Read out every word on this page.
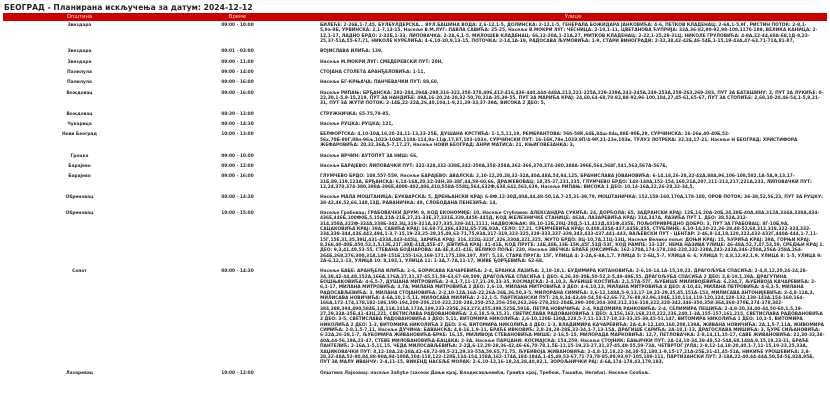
БЕОГРАД - Планирана искључења за датум: 2024-12-12
Општина	Време	Улице
Звездара	09:00 - 10:00	БИЛЕЋЕ: 2-26Б,1-7,45, БУЛБУЛДЕРСКА... ВУЛ.БАШИНА ВОДА: 2,6-12,1-5, ДОЛИНСКА: 2-12,1-5, ГЕНЕРАЛА БОЖИДАРА ЈАНКОВИЋА: 4-6, ПЕТКОВ КЛАДЕНАЦ: 2-6А,1-5,9Г, РИСТИН ПОТОК: 2-8,1-5,9а-9Б, УРВИНСКА: 2,1-7,13-15, Насеље В.М.ЛУГ: ПАВЛА САВИЋА: 25-25, Насеље В.МОКРИ ЛУГ: ЧЕСНИЦА: 2-10,1-11, ЦВЕТАНОВА ЋУПРИЈА: 32А,36-82,90-92,98-108,117б-189, ВЕЛИКА КАНИЦА: 2-12,1-17, ЛАДНО БРДО: 2-32Б,1-33, ЛИПОВАЧКА: 2-2А,6,1-5, МИЛОШЕВ КЛАДЕНАЦ: 66,12-20А,1-21А,27, МИТКОВ КЛАДЕНАЦ: 2-22,1-25,29-31Ц, НИКОЛЕ ГРУЛОВИЋА: 4-8А,22-44,60А-68,1Д-9,23-25,37-51А,55-67,71, НИКОЛЕ КУРЕЛИЋА: 4-6,10-20,9,13-15, ПОТОЧКА: 2-14,1А-19, РАДОСАВА ЉУМОВИЋА: 1-9, СТАРИ ВИНОГРАДИ: 2-32,38,42-42Б,46-54Б,1-15,19-43А,47-63,71-71А,81-87,
Звездара	00:01 - 03:00	ВОЈИСЛАВА ИЛИЋА: 139,
Звездара	09:00 - 11:00	Насеље М.МОКРИ ЛУГ: СМЕДЕРЕВСКИ ПУТ: 20Н,
Палилула	09:00 - 14:00	СТОЈАНА СТОЛЕТА АРАНЂЕЛОВИЋА: 1-11,
Палилула	09:00 - 16:00	Насеље БГ-КРЊАЧА: ПАНЧЕВАЧКИ ПУТ: 88,60,
Вождовац	09:00 - 16:00	Насеље РИПАЊ: БРЂАНСКА: 282-284,294А-298,316-322,358-378,406,412-416,436-440,444-448А,213,221-225А,229-239А,243-245А,249-253А,259-263,269-283, ПУТ ЗА БАТАШИНУ: 2, ПУТ ЗА ЛУКИЋЕ: 0-22,30,1-5,9-15,219, ПУТ ЗА НАНДИЋЕ: 49А,16-20,24-28,32-50,70,21А-35,39-55, ПУТ ЗА МАРИЋА КРАЈ: 24,60,64-68,78-82,88-92,96-100,104,27,45-61,65-67, ПУТ ЗА СТОПИЋЕ: 2,68,10-20,46-54,1-5,9,21-31, ПУТ ЗА ЖУТИ ПОТОК: 2-14Б,22-22А,26,40,104,1-9,21,29-33,37-39А, ВИСОКА 2 ДЕО: 5,
Вождовац	08:30 - 13:00	СТРУЖНИЧКА: 65-75,79-85,
Чукарица	08:00 - 14:30	Насеље РУЦКА: РУЦКА: 121,
Нови Београд	10:00 - 13:00	БЕЛФОРТСКА: 4,10-10А,16,20-24,11-13,23-25Б, ДУШАНА КРСТИЋА: 1-1,5,11,19, РЕМБРАНТОВА: 56б-58К,64Б,84ш-84ц,88Е-90Б,29, СУРЧИНСКА: 16-16и,40-40Б,52-56х,70Б-80Г,88н-96љ,102Э-104К,110А-114,9а-11ф,17,87,103-103л, СУРЧИНСКИ ПУТ: 16-16К,78е,103Э,9П/4-9Р,21-23е,103и, ТУЛУЗ ЛОТРЕКА: 32,34,17-21, Насеље Н БЕОГРАД: ХРИСТИФОРА ЖЕФАРОВИЋА: 20,32,36А,5-7,17,27, Насеље НОВИ БЕОГРАД: АНРИ МАТИСА: 21, КЊИГОВЕЗАНКА: 3,
Гроцка	09:00 - 10:00	Насеље ВРЧИН: АУТОПУТ ЗА НИШ: 66,
Барајево	09:00 - 12:00	Насеље БАРАЈЕВО: ЛИПОВАЧКИ ПУТ: 322-328,332-338Е,342-350А,358-358А,362-366,370,374-380,388А-396Е,564,568Г,541,563,567А-567Б,
Барајево	09:00 - 16:00	ГЛУМЧЕВО БРДО: 108,557-559, Насеље БАРАЈЕВО: АВАЛСКА: 2,10-12,20,28,32-32А,40А,48А,54,84,125, БРАНИСЛАВА ЈОВАНОВИЋА: 6-14,18,26-28,32-42А,88А,96,106-108,582,1А-5А,9,13,17-21Б,89,119,123А, БРЂАНСКА: 6,14-16А,20,32-34Н,38-38Г,44,58-60,66, ДРАЖЕВОВАЦ: 18,35-37,231,235, ГЛУМЧЕВО БРДО: 148-148А,152-154,160,21А,207,211-213,217,221А,233, ЛИПОВАЧКИ ПУТ: 12,24,370,374-380,388А-396Е,400б-402,406,410,558А-558Ц,564,632Ф,638,642,563,639, Насеље РИПАЊ: ВИСОКА 1 ДЕО: 10,14-16А,22,26-28,32-34,5,
Обреновац	08:00 - 14:30	Насеље МАЛА МОШТАНИЦА: БУКВАРСКА: 5, ДРЕНЬАНСКИ КРАЈ: 6-8Ф,12-30Д,40А,44,48-50,1А,7-25,31-39,79, МОШТАНИЧКА: 152,158-160,170А,178-180, ОРОВ ПОТОК: 36-38,52,56,23, ПУТ ЗА РУЦКУ: 38-42,46,52,66,148,13Д, РАВАНИЧКА: 49, СЛОБОДАНА ПЕНЕЗИЋА: 14,
Обреновац	10:00 - 15:00	Насеље Грабовац: ГРАБОВАЧКИ ДРУМ: 9, КОД ЕКОНОМИЈЕ: 10, Насеље Стублине: АЛЕКСАНДРА СУКИЋА: 24, ДОРЋОЛА: 65, ЗАДРАНСКИ КРАЈ: 12Б,16,20А-20Б,34,38Б-40А,48А,312А,334А,338А,434-436Е,446Б,100Ф0Б,5,15А,21А-21Б,27,31-33Е,37,331Б,339,445б-445Д, КОД ЖЕЛЕЗНИЧКЕ СТАНИЦЕ: 463А, ЛАЗАРЕВИЋА КРАЈ: 314,347А, ЛАЗИЋА ПУТ 1. ДЕО: 38,52А,312-314,358А,322Ф-324А,338Б-342,3Ц,319-321А,327,335,339-341,1111, НАДВОЖЊАК: 88,10-12Б,20Ц-20Д,5-11,413Д,431Ф,435Б, ПОЉОПРИВРЕДНО ДОБРО: 3, ПУТ ЗА ГРАБОВАЦ: 8Г-10Б,9А, САЦАКОВИЋА КРАЈ: 39А, САВИЋА КРАЈ: 16,68-72,286,432Ц,65-73Б,93А, СЕЛО: 17,21, СРЕМЧЕВИЋА КРАЈ: 0,408,435А-437,445Б,455, СТУБЛИНЕ: 6,10-14,20-22,26-28,48-52,68,312,318,322-324,332-334,338-344,436,442,494,1-3,7-15,19-23,25-29,35,49,63-71,75,93А,317-319,323-325,329-333,337-339,343,433-437,441-443, ВАЉЕВСКИ ПУТ - ЦЕНТАР: 2-46,8-14,18,120,322,432-432Г,440А-444,1-7,11-15Г,15Е,31,35,39Ц,431-433А,443-445Ц, ЗАРИЋА КРАЈ: 316,322Ц-322Г,326,330А,321,325, ЖУТО БРДО: 8Ц-10,7А,11Ц-13Ц, Насеље Велико поље: ДОЊИ КРАЈ: 15, ЋУРИЋА КРАЈ: 39А, ГОРЊИ КРАЈ: 8,266,40-40Б,450,52,1,5,13Е,21Г,39Д-41Д,45Е-47, ЈЕВТИЋА КРАЈ: 41-41Б, КОД ПРУГЕ: 14Б,48Б,13Б-15К,45Г,53Д-53Г, КОД РАМПЕ: 13-13Г, НЕМА НАЗИВА УЛИЦЕ: 46-48А,52,7,47,53,59, СРЕДЊИ КРАЈ 1. ДЕО: 9,3,41,49,53-55, СТЕВАНА БОДНАРОВА: 4А-4Е,8,41-41Е, ВЕЛИКО ПОЉЕ: 220, Насеље ЗВЕЧКА: БРАЋЕ ЈОКСИМЋА: 162-170А,174-178,184-228,232-238А,242-242А,246-250А,256А-258А,264-264Б,268,276,300,31А,149-151Б,155-163,169-171,175,189,197, ЛУГ: 5,13, СТАРА ПРУГА: 15Г, УЛИЦА 4: 2-2А,6-8А,1,7, УЛИЦА 5: 2-6Ц,5-7, УЛИЦА 6: 6, УЛИЦА 7: 4,8,12,92,1,9, УЛИЦА 8: 1-5, УЛИЦА 9: 2А-6,12,1-13, УЛИЦА 10: 8,192,1, УЛИЦА 11: 1-3А,7-7А,11-17, ЖИВЕ ЂОРЂЕВИЋА: 62-68,
Сопот	08:00 - 14:30	Насеље БАБЕ: АРАНЂЕЛА ИЛИЋА: 2-6, БОРИСАВА КАЧАРЕВИЋА: 2-4, БРАНКА ЛАЗИЋА: 2,10-18,1, БУДИМИРА КИТАНОВИЋА: 2-6,10-14,1А-15,19,23, ДРАГОЉУБА СПАСИЋА: 2-4,8,12,20,24-24,28-34,38,42-44,48,152А,166А,176А,27,31,37-45,51,59-63,67-69,509, ДРАГОЉУБА СПАСИЋА 1 ДЕО: 6,26,30-30Б,50-52,3-5,49-49Б,55, ДРАГОЉУБА СПАСИЋА 2 ДЕО: 2,8-10,1,29А, ДРАГУТИНА БОШЊАКОВИЋА: 4-6,5-7, ДУШАНА МИТРОВИЋА: 2-8,1-7,11-17,21-29,33-35, КОСМАЈСКА: 2-4,10,3, ЉУБИШЕ КОСТИЋА: 2,1,57А-57Г, ЉУБИШЕ МИЛИВОЈЕВИЋА: 6,234,7, ЉУБИВОЈА КАЧАРЕВИЋА: 2-6,1-17, МИЛАНА МИТРОВИЋА: 3,7А, МИЛАНА МИТРОВИЋА 2 ДЕО: 2,6-10, МИЛАНА МИТРОВИЋА 3 ДЕО: 4-6,10,13, МИЛАНА МИТРОВИЋА 4 ДЕО: 4-10,43, МИЛАНА ПЕТРОВИЋА: 4-6,3-5, МИЛАНА РАДОСАВЉЕВИЋА: 3, МИЛАНА СТОЈАНОВИЋА: 2-2,10-12А,16А-22,26А-26Б,36,50,3-5, МИЛОРАНА СИМИЋА: 2,6-12,148А,5-9,13,17-19,23-29,35,45,151А-153, МИЛИСАВА АНТОНИЈЕВИЋА: 2-4,8-12А,3, МИЛИСАВА НОВИЧИЋА: 4-6А,10,1-5,11, МИЛОСАВА МИЛИЋА: 2-12,1-5, ПАРТИЗАНСКИ ПУТ: 24,8,34-42,48-54,58-62,66-72,76-88,92,96,104Б,110,114,118-120,124,128-132,138-143А,154-160,164-166А,172-174,178,182-186,190-194,200-206,210-222,228-246,250-252,256-258,262,266-278,282-284Б,290-300,304-308,312,316-318,322,328-342,346-350,358-364,368-370Б,374-378,382-384,388,394,490,584Б,1Д,11А,141А,173А,189,233-235Б,263,273,455,499,525Б,591Б, ПЕТРА НОВИЧИЋА: 2-4, РАДОМИРА РАНКОВИЋА: 2-4, СЕЛИМИРА ПЕШИЋА: 2-4,8-20,34,40-44,50-60,1,5,19-27,29,33А-35Б,41-43Ц,221, СВЕТИСЛАВА РАДОВАНОВИЋА: 2,6,18,5-9,15,31, СВЕТИСЛАВА РАДОВАНОВИЋА 1 ДЕО: 4,156,162,168,210,222,236,240,1-3А,155-157,161,215, СВЕТИСЛАВА РАДОВАНОВИЋА 2 ДЕО: 3-5, СВЕТИСЛАВА РАДОВАНОВИЋА 3 ДЕО: 5,11, ВИТОМИРА НИКОЛИЋА: 2,6-10,120Б-120Д,228,5-7,11-13,17-19,23-33,35-39,45-51,147, ВИТОМИРА НИКОЛИЋА 1 ДЕО: 10,3-5, ВИТОМИРА НИКОЛИЋА 2 ДЕО: 1-3, ВИТОМИРА НИКОЛИЋА 3 ДЕО: 2-6, ВИТОМИРА НИКОЛИЋА 4 ДЕО: 1-3, ВЛАДИМИРА КАЧАРЕВИЋА: 2А-4,8-12,140,160,208,139А, ЖИВАНА НОВИЧИЋА: 2А,1,5-7,11А, ЖИВОМИРА СИМИЋА: 2-8,1,5-7,11, Насеље ДУЧИНА: БАВАНСКА: 4,8-16,1,9-11, БРАЋЕ ИВКОВИЋ: 2,8-24,28-28Б,32-34,1-7,13-15А, ДРАГИШЕ САРИЋА: 2А-18,1-13, ДРАГОСЛАВА МИШИЋА: 3, ЂУРЕ СИЉАНОВИЋА: 6-22А,26-28,1-7, ЉУБОМИРА ЖИВАНОВИЋА-БРКЕ: 16,15, МИЛИВОЈА СТЕВАНОВИЋА-МИШЕ: 2-16,5-15, МИЛОРАДА МАРКОВИЋА: 12,7, ПЕТЛОВАЧКА: 2-8,14,11,15-17, САВЕ ЖИВАНОВИЋА: 22,30-32,38-40А,44-56,19А,23-47, СТЕВЕ МИЛОВАНОВИЋА-БАЦАКА: 2-3А, Насеље ПАРЦАНИ: КОСМАЈСКА: 154,259, Насеље СТОЈНИК: БАЊИЧКИ ПУТ: 2А-14,18-34,38-48,52-54А,68,148А,9,15,19,23-31, БРАЋЕ ПАНТЕЛИЋ: 2-16А,1-5,11,15, ЧЕДА МИЛОСАВЉЕВИЋА: 2-2Д,6-12,20-28,36-42,46-66,70-78,1,5Б-11,15-19,23-27,31,37-45,49-55,59-73А, ЧЕТВРТОГ ЈУЛА: 2-8,12-14,18-20,40,1-7,11-15,19-23,25,33А, ХАЏИКОВАЧКИ ПУТ: 8,12-18А,24-28А,42-68,72-80,5-21,29,33-55А,59,65,71,75, ЉУБИВОЈА ЖИВАНОВИЋА: 2-4,8-12,18,22-34,38-52,180,1-9,15-17,21А-25Б,31-41,45-51А, НИКИЋЕ УРОШЕВИЋА: 2,8-28,32-48А,52-80,84,88-90А,94-100А,104-118,122-128Б,134-154,158А,162-174А,184-184А,1-45,49,53-67,71-73,79-85,89,93,97-105,109-111, ПАРТИЗАНСКИ ПУТ: 2-18А,22-40,44-44А,50,54-56,82А,95Б, ПУТ ЗА МАЛУ ИВАНЧУ: 2-4,11-15, ВИКЕНД НАСЕЉЕ МОРАК: 2-6,10-12,16-18,24,28,40,82,1, ЗОРОЉНИЧКИ РАЈ: 4-6А,174-178,43,179,183,
Лазаревац	10:00 - 12:00	Општина Лајковац: насеље Забуће (засеок Доњи крај, Владисављевићи, Грнића крај, Требеж, Ташићи, Негићи). Насеље Скобаљ.
